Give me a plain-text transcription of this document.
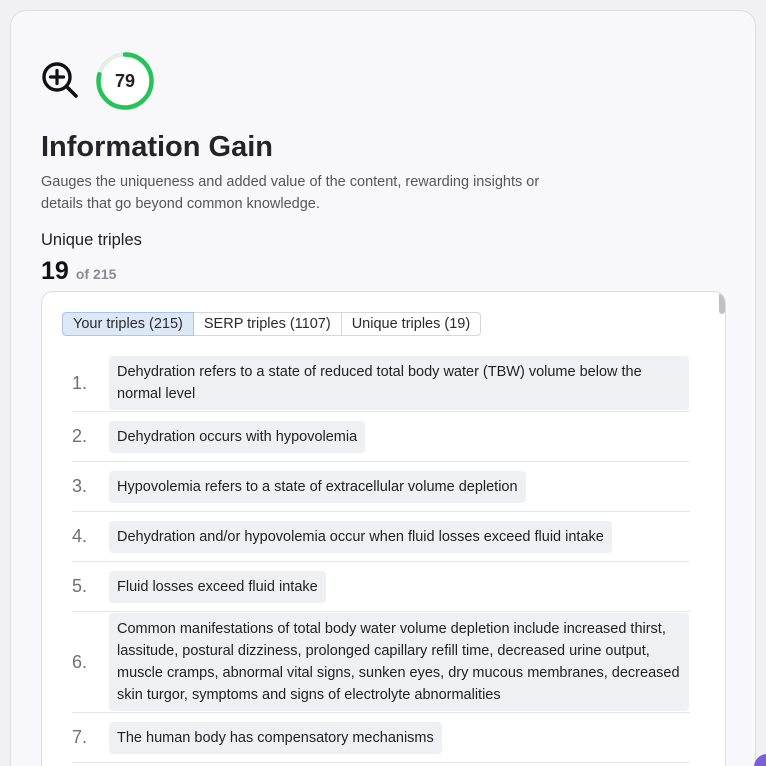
79
Information Gain
Gauges the uniqueness and added value of the content, rewarding insights or details that go beyond common knowledge.
Unique triples
19 of 215
Your triples (215)	SERP triples (1107)	Unique triples (19)
1.
Dehydration refers to a state of reduced total body water (TBW) volume below the normal level
2.	Dehydration occurs with hypovolemia
3.	Hypovolemia refers to a state of extracellular volume depletion
4.	Dehydration and/or hypovolemia occur when fluid losses exceed fluid intake
5.	Fluid losses exceed fluid intake
6.
Common manifestations of total body water volume depletion include increased thirst, lassitude, postural dizziness, prolonged capillary refill time, decreased urine output, muscle cramps, abnormal vital signs, sunken eyes, dry mucous membranes, decreased skin turgor, symptoms and signs of electrolyte abnormalities
7.	The human body has compensatory mechanisms
